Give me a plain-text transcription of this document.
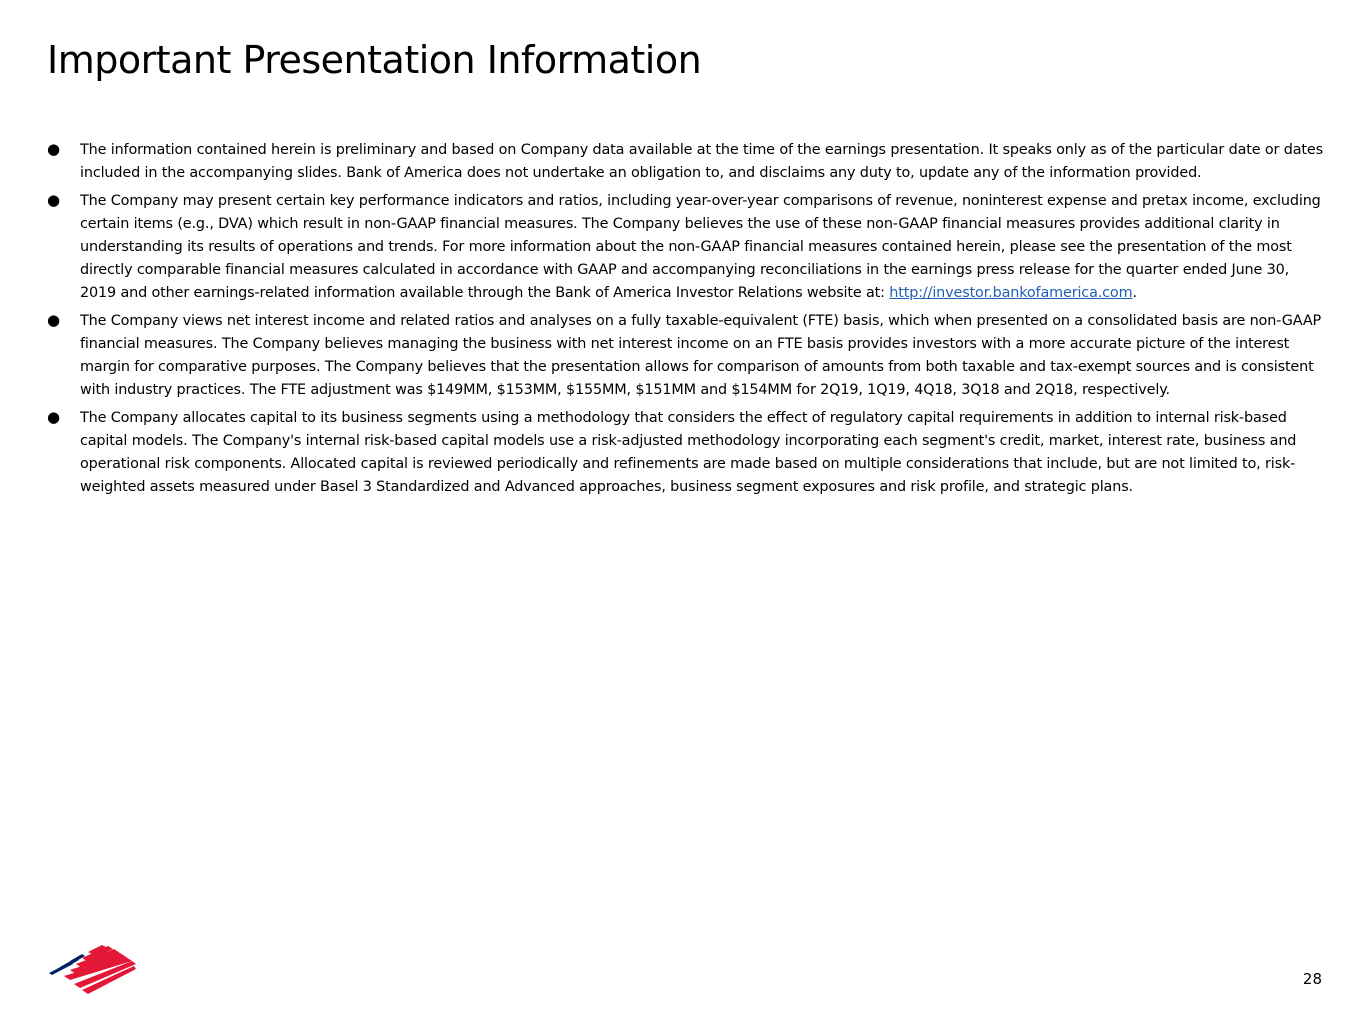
Important Presentation Information
● The information contained herein is preliminary and based on Company data available at the time of the earnings presentation. It speaks only as of the particular date or dates included in the accompanying slides. Bank of America does not undertake an obligation to, and disclaims any duty to, update any of the information provided.
● The Company may present certain key performance indicators and ratios, including year-over-year comparisons of revenue, noninterest expense and pretax income, excluding certain items (e.g., DVA) which result in non-GAAP financial measures. The Company believes the use of these non-GAAP financial measures provides additional clarity in understanding its results of operations and trends. For more information about the non-GAAP financial measures contained herein, please see the presentation of the most directly comparable financial measures calculated in accordance with GAAP and accompanying reconciliations in the earnings press release for the quarter ended June 30, 2019 and other earnings-related information available through the Bank of America Investor Relations website at: http://investor.bankofamerica.com.
● The Company views net interest income and related ratios and analyses on a fully taxable-equivalent (FTE) basis, which when presented on a consolidated basis are non-GAAP financial measures. The Company believes managing the business with net interest income on an FTE basis provides investors with a more accurate picture of the interest margin for comparative purposes. The Company believes that the presentation allows for comparison of amounts from both taxable and tax-exempt sources and is consistent with industry practices. The FTE adjustment was $149MM, $153MM, $155MM, $151MM and $154MM for 2Q19, 1Q19, 4Q18, 3Q18 and 2Q18, respectively.
● The Company allocates capital to its business segments using a methodology that considers the effect of regulatory capital requirements in addition to internal risk-based capital models. The Company's internal risk-based capital models use a risk-adjusted methodology incorporating each segment's credit, market, interest rate, business and operational risk components. Allocated capital is reviewed periodically and refinements are made based on multiple considerations that include, but are not limited to, risk-weighted assets measured under Basel 3 Standardized and Advanced approaches, business segment exposures and risk profile, and strategic plans.
28
